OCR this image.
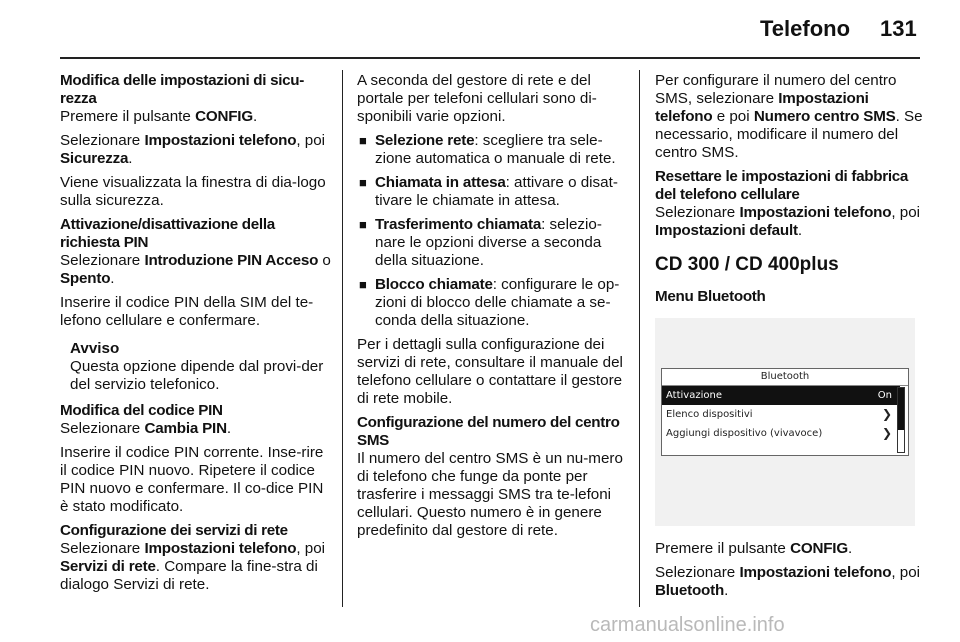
Telefono 131

Modifica delle impostazioni di sicu-rezza

Premere il pulsante CONFIG.

Selezionare Impostazioni telefono, poi Sicurezza.

Viene visualizzata la finestra di dia-logo sulla sicurezza.

Attivazione/disattivazione della richiesta PIN

Selezionare Introduzione PIN Acceso o Spento.

Inserire il codice PIN della SIM del te-lefono cellulare e confermare.

Avviso
Questa opzione dipende dal provi-der del servizio telefonico.

Modifica del codice PIN

Selezionare Cambia PIN.

Inserire il codice PIN corrente. Inse-rire il codice PIN nuovo. Ripetere il codice PIN nuovo e confermare. Il co-dice PIN è stato modificato.

Configurazione dei servizi di rete

Selezionare Impostazioni telefono, poi Servizi di rete. Compare la fine-stra di dialogo Servizi di rete.

A seconda del gestore di rete e del portale per telefoni cellulari sono di-sponibili varie opzioni.

■ Selezione rete: scegliere tra sele-zione automatica o manuale di rete.
■ Chiamata in attesa: attivare o disat-tivare le chiamate in attesa.
■ Trasferimento chiamata: selezio-nare le opzioni diverse a seconda della situazione.
■ Blocco chiamate: configurare le op-zioni di blocco delle chiamate a se-conda della situazione.

Per i dettagli sulla configurazione dei servizi di rete, consultare il manuale del telefono cellulare o contattare il gestore di rete mobile.

Configurazione del numero del centro SMS

Il numero del centro SMS è un nu-mero di telefono che funge da ponte per trasferire i messaggi SMS tra te-lefoni cellulari. Questo numero è in genere predefinito dal gestore di rete.

Per configurare il numero del centro SMS, selezionare Impostazioni telefono e poi Numero centro SMS. Se necessario, modificare il numero del centro SMS.

Resettare le impostazioni di fabbrica del telefono cellulare

Selezionare Impostazioni telefono, poi Impostazioni default.

CD 300 / CD 400plus

Menu Bluetooth

Bluetooth
Attivazione	On
Elenco dispositivi	❯
Aggiungi dispositivo (vivavoce)	❯

Premere il pulsante CONFIG.

Selezionare Impostazioni telefono, poi Bluetooth.

carmanualsonline.info
